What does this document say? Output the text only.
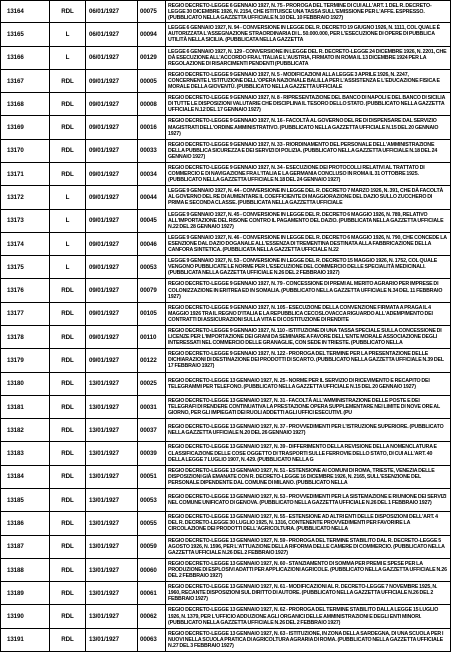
13164	RDL	06/01/1927	00075
REGIO DECRETO-LEGGE 6 GENNAIO 1927, N. 75 - PROROGA DEL TERMINE DI CUI ALL'ART. 1 DEL R. DECRETO-LEGGE 30 DICEMBRE 1926, N. 2154, CHE ISTITUISCE UNA TASSA SULL'EMISSIONE PER L'AFFE. ESPRESSO. (PUBBLICATO NELLA GAZZETTA UFFICIALE N.10 DEL 10 FEBBRAIO 1927)
13165	L	06/01/1927	00094
LEGGE 6 GENNAIO 1927, N. 94 - CONVERSIONE IN LEGGE DEL R. DECRETO 19 GIUGNO 1926, N. 1111, COL QUALE È AUTORIZZATA L'ASSEGNAZIONE STRAORDINARIA DI L. 50.000.000, PER L'ESECUZIONE DI OPERE DI PUBBLICA UTILITÀ NELLA SICILIA. (PUBBLICATA NELLA GAZZETTA
13166	L	06/01/1927	00129
LEGGE 6 GENNAIO 1927, N. 129 - CONVERSIONE IN LEGGE DEL R. DECRETO-LEGGE 24 DICEMBRE 1926, N. 2201, CHE DÀ ESECUZIONE ALL'ACCORDO FRA L'ITALIA E L'AUSTRIA, FIRMATO IN ROMA IL 13 DICEMBRE 1924 PER LA REGOLAZIONE DI RISARCIMENTI PENDENTI (PUBBLICATA
13167	RDL	09/01/1927	00005
REGIO DECRETO-LEGGE 9 GENNAIO 1927, N. 5 - MODIFICAZIONI ALLA LEGGE 3 APRILE 1926, N. 2247, CONCERNENTE L'ISTITUZIONE DELL'OPERA NAZIONALE BALILLA PER L'ASSISTENZA E L'EDUCAZIONE FISICA E MORALE DELLA GIOVENTÙ. (PUBBLICATO NELLA GAZZETTA UFFICIALE
13168	RDL	09/01/1927	00008
REGIO DECRETO-LEGGE 9 GENNAIO 1927, N. 8 - RIPRESENTAZIONE DEL BANCO DI NAPOLI E DEL BANCO DI SICILIA DI TUTTE LE DISPOSIZIONI VALUTARIE CHE DISCIPLINA IL TESORO DELLO STATO. (PUBBLICATO NELLA GAZZETTA UFFICIALE N.12 DEL 17 GENNAIO 1927)
13169	RDL	09/01/1927	00016
REGIO DECRETO-LEGGE 9 GENNAIO 1927, N. 16 - FACOLTÀ AL GOVERNO DEL RE DI DISPENSARE DAL SERVIZIO MAGISTRATI DELL'ORDINE AMMINISTRATIVO. (PUBBLICATO NELLA GAZZETTA UFFICIALE N.15 DEL 20 GENNAIO 1927)
13170	RDL	09/01/1927	00033
REGIO DECRETO-LEGGE 9 GENNAIO 1927, N. 33 - RIORDINAMENTO DEL PERSONALE DELL'AMMINISTRAZIONE DELLA PUBBLICA SICUREZZA E DEI SERVIZI DI POLIZIA. (PUBBLICATO NELLA GAZZETTA UFFICIALE N.18 DEL 24 GENNAIO 1927)
13171	RDL	09/01/1927	00034
REGIO DECRETO-LEGGE 9 GENNAIO 1927, N. 34 - ESECUZIONE DEI PROTOCOLLI RELATIVI AL TRATTATO DI COMMERCIO E DI NAVIGAZIONE FRA L'ITALIA E LA GERMANIA CONCLUSO IN ROMA IL 31 OTTOBRE 1925. (PUBBLICATO NELLA GAZZETTA UFFICIALE N.18 DEL 24 GENNAIO 1927)
13172	L	09/01/1927	00044
LEGGE 9 GENNAIO 1927, N. 44 - CONVERSIONE IN LEGGE DEL R. DECRETO 7 MARZO 1926, N. 391, CHE DÀ FACOLTÀ AL GOVERNO DEL RE DI AUMENTARE IL COEFFICIENTE DI MAGGIORAZIONE DEL DAZIO SULLO ZUCCHERO DI PRIMA E SECONDA CLASSE. (PUBBLICATA NELLA GAZZETTA UFFICIALE
13173	L	09/01/1927	00045
LEGGE 9 GENNAIO 1927, N. 45 - CONVERSIONE IN LEGGE DEL R. DECRETO 6 MAGGIO 1926, N. 789, RELATIVO ALL'IMPORTAZIONE DEL RISONE CONTRO IL PAGAMENTO DEL DAZIO. (PUBBLICATA NELLA GAZZETTA UFFICIALE N.22 DEL 28 GENNAIO 1927)
13174	L	09/01/1927	00046
LEGGE 9 GENNAIO 1927, N. 46 - CONVERSIONE IN LEGGE DEL R. DECRETO 6 MAGGIO 1926, N. 790, CHE CONCEDE LA ESENZIONE DAL DAZIO DOGANALE ALL'ESSENZA DI TREMENTINA DESTINATA ALLA FABBRICAZIONE DELLA CANFORA SINTETICA. (PUBBLICATA NELLA GAZZETTA UFFICIALE N.22
13175	L	09/01/1927	00053
LEGGE 9 GENNAIO 1927, N. 53 - CONVERSIONE IN LEGGE DEL R. DECRETO 15 MAGGIO 1926, N. 1752, COL QUALE VENGONO PUBBLICATE LE NORME PER L'ESECUZIONE DEL COMMERCIO DELLE SPECIALITÀ MEDICINALI. (PUBBLICATA NELLA GAZZETTA UFFICIALE N.26 DEL 2 FEBBRAIO 1927)
13176	RDL	09/01/1927	00079
REGIO DECRETO-LEGGE 9 GENNAIO 1927, N. 79 - CONCESSIONE DI PREMI AL MERITO AGRARIO PER IMPRESE DI COLONIZZAZIONE IN ERITREA ED IN SOMALIA. (PUBBLICATO NELLA GAZZETTA UFFICIALE N.34 DEL 11 FEBBRAIO 1927)
13177	RDL	09/01/1927	00105
REGIO DECRETO-LEGGE 9 GENNAIO 1927, N. 105 - ESECUZIONE DELLA CONVENZIONE FIRMATA A PRAGA IL 4 MAGGIO 1926 TRA IL REGNO D'ITALIA E LA REPUBBLICA CECOSLOVACCA RIGUARDO ALL'ADEMPIMENTO DEI CONTRATTI DI ASSICURAZIONI SULLA VITA E DI COSTITUZIONE DI RENDITE
13178	RDL	09/01/1927	00110
REGIO DECRETO-LEGGE 9 GENNAIO 1927, N. 110 - ISTITUZIONE DI UNA TASSA SPECIALE SULLA CONCESSIONE DI LICENZE PER L'IMPORTAZIONE DEI GRANI DA SEMINARE A FAVORE DELL'ENTE MORALE ASSOCIAZIONE DEGLI INTERESSATI NEL COMMERCIO DELLE GRANAGLIE, CON SEDE IN TRIESTE. (PUBBLICATO NELLA
13179	RDL	09/01/1927	00122
REGIO DECRETO-LEGGE 9 GENNAIO 1927, N. 122 - PROROGA DEL TERMINE PER LA PRESENTAZIONE DELLE DICHIARAZIONI DI DESTINAZIONE DEI PRODOTTI DI SCARTO. (PUBBLICATO NELLA GAZZETTA UFFICIALE N.39 DEL 17 FEBBRAIO 1927)
13180	RDL	13/01/1927	00025	REGIO DECRETO-LEGGE 13 GENNAIO 1927, N. 25 - NORME PER IL SERVIZIO DI RICEVIMENTO E RECAPITO DEI TELEGRAMMI PER TELEFONO. (PUBBLICATO NELLA GAZZETTA UFFICIALE N.15 DEL 20 GENNAIO 1927)
13181	RDL	13/01/1927	00031
REGIO DECRETO-LEGGE 13 GENNAIO 1927, N. 31 - FACOLTÀ ALL'AMMINISTRAZIONE DELLE POSTE E DEI TELEGRAFI DI RENDERE CONTINUATIVA LA PRESTAZIONE OPERA SUPPLEMENTARE NEI LIMITE DI NOVE ORE AL GIORNO, PER GLI IMPIEGATI DEI RUOLI ADDETTI AGLI UFFICI ESECUTIVI. (PU
13182	RDL	13/01/1927	00037	REGIO DECRETO-LEGGE 13 GENNAIO 1927, N. 37 - PROVVEDIMENTI PER L'ISTRUZIONE SUPERIORE. (PUBBLICATO NELLA GAZZETTA UFFICIALE N.20 DEL 26 GENNAIO 1927)
13183	RDL	13/01/1927	00039
REGIO DECRETO-LEGGE 13 GENNAIO 1927, N. 39 - DIFFERIMENTO DELLA REVISIONE DELLA NOMENCLATURA E CLASSIFICAZIONE DELLE COSE OGGETTO DI TRASPORTI SULLE FERROVIE DELLO STATO, DI CUI ALL'ART. 40 DELLA LEGGE 7 LUGLIO 1907, N. 429. (PUBBLICATO NELLA G
13184	RDL	13/01/1927	00051
REGIO DECRETO-LEGGE 13 GENNAIO 1927, N. 51 - ESTENSIONE AI COMUNI DI ROMA, TRIESTE, VENEZIA DELLE DISPOSIZIONI GIÀ EMANATE CON R. DECRETO-LEGGE 16 DICEMBRE 1926, N. 2165, SULL'ESENZIONE DEL PERSONALE DIPENDENTE DAL COMUNE DI MILANO. (PUBBLICATO NELLA
13185	RDL	13/01/1927	00053	REGIO DECRETO-LEGGE 13 GENNAIO 1927, N. 53 - PROVVEDIMENTI PER LA SISTEMAZIONE E RIUNIONE DEI SERVIZI NEL COMUNE UNIFICATO DI GENOVA. (PUBBLICATO NELLA GAZZETTA UFFICIALE N.26 DEL 1 FEBBRAIO 1927)
13186	RDL	13/01/1927	00055
REGIO DECRETO-LEGGE 13 GENNAIO 1927, N. 55 - ESTENSIONE AD ALTRI ENTI DELLE DISPOSIZIONI DELL'ART. 4 DEL R. DECRETO-LEGGE 30 LUGLIO 1925, N. 1316, CONTENENTE PROVVEDIMENTI PER FAVORIRE LA CIRCOLAZIONE DEI PRODOTTI DELL'AGRICOLTURA. (PUBBLICATO NELLA
13187	RDL	13/01/1927	00059
REGIO DECRETO-LEGGE 13 GENNAIO 1927, N. 59 - PROROGA DEL TERMINE STABILITO DAL R. DECRETO-LEGGE 5 AGOSTO 1926, N. 1596, PER L'ATTUAZIONE DELLA RIFORMA DELLE CAMERE DI COMMERCIO. (PUBBLICATO NELLA GAZZETTA UFFICIALE N.26 DEL 2 FEBBRAIO 1927)
13188	RDL	13/01/1927	00060
REGIO DECRETO-LEGGE 13 GENNAIO 1927, N. 60 - STANZIAMENTO DI SOMMA PER PREMI E SPESE PER LA PRODUZIONE DI ESPLOSIVI ADATTI PER APPLICAZIONI AGRICOLE. (PUBBLICATO NELLA GAZZETTA UFFICIALE N.26 DEL 2 FEBBRAIO 1927)
13189	RDL	13/01/1927	00061
REGIO DECRETO-LEGGE 13 GENNAIO 1927, N. 61 - MODIFICAZIONI AL R. DECRETO-LEGGE 7 NOVEMBRE 1925, N. 1960, RECANTE DISPOSIZIONI SUL DIRITTO DI AUTORE. (PUBBLICATO NELLA GAZZETTA UFFICIALE N.26 DEL 2 FEBBRAIO 1927)
13190	RDL	13/01/1927	00062
REGIO DECRETO-LEGGE 13 GENNAIO 1927, N. 62 - PROROGA DEL TERMINE STABILITO DALLA LEGGE 15 LUGLIO 1926, N. 1379, PER L'UFFICIO ADDUZIONE AGLI ORGANICI DELLE AMMINISTRAZIONI E DEGLI ENTI MINORI. (PUBBLICATO NELLA GAZZETTA UFFICIALE N.26 DEL 2 FEBBRAIO 1927)
13191	RDL	13/01/1927	00063
REGIO DECRETO-LEGGE 13 GENNAIO 1927, N. 63 - ISTITUZIONE, IN ZONA DELLA SARDEGNA, DI UNA SCUOLA PER I NUOVI NELLA SCUOLA PRATICA DI AGRICOLTURA AGRARIA DI ROMA. (PUBBLICATO NELLA GAZZETTA UFFICIALE N.27 DEL 3 FEBBRAIO 1927)
